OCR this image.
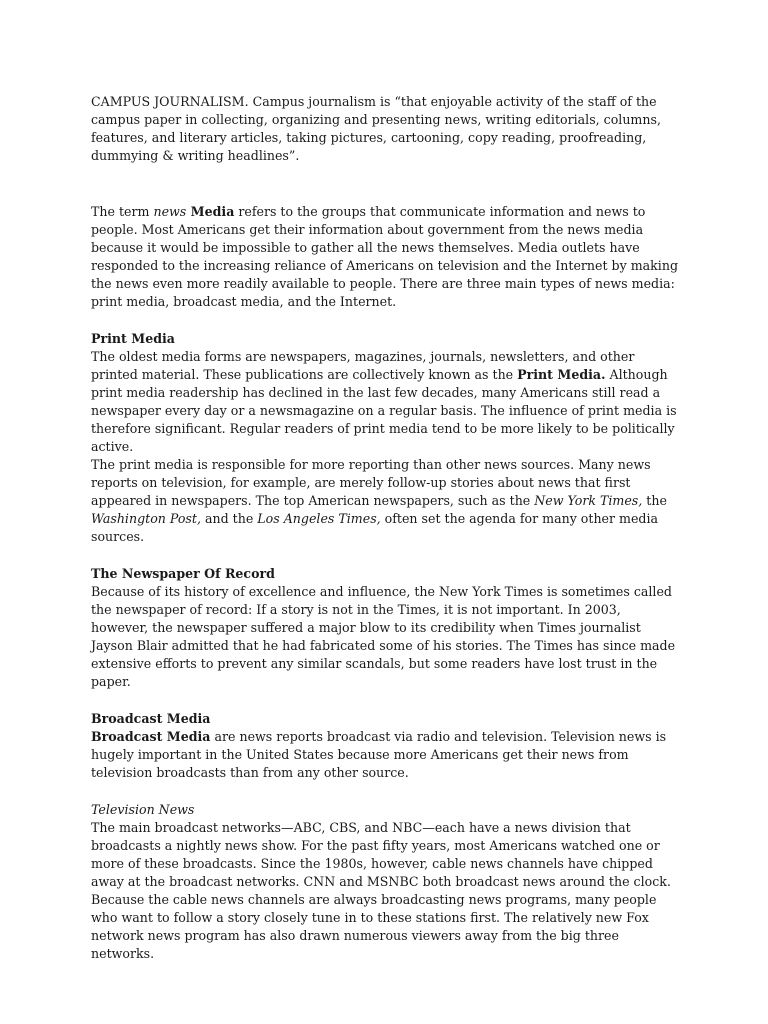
CAMPUS JOURNALISM. Campus journalism is “that enjoyable activity of the staff of the campus paper in collecting, organizing and presenting news, writing editorials, columns, features, and literary articles, taking pictures, cartooning, copy reading, proofreading, dummying & writing headlines”.

The term news Media refers to the groups that communicate information and news to people. Most Americans get their information about government from the news media because it would be impossible to gather all the news themselves. Media outlets have responded to the increasing reliance of Americans on television and the Internet by making the news even more readily available to people. There are three main types of news media: print media, broadcast media, and the Internet.

Print Media

The oldest media forms are newspapers, magazines, journals, newsletters, and other printed material. These publications are collectively known as the Print Media. Although print media readership has declined in the last few decades, many Americans still read a newspaper every day or a newsmagazine on a regular basis. The influence of print media is therefore significant. Regular readers of print media tend to be more likely to be politically active.

The print media is responsible for more reporting than other news sources. Many news reports on television, for example, are merely follow-up stories about news that first appeared in newspapers. The top American newspapers, such as the New York Times, the Washington Post, and the Los Angeles Times, often set the agenda for many other media sources.

The Newspaper Of Record

Because of its history of excellence and influence, the New York Times is sometimes called the newspaper of record: If a story is not in the Times, it is not important. In 2003, however, the newspaper suffered a major blow to its credibility when Times journalist Jayson Blair admitted that he had fabricated some of his stories. The Times has since made extensive efforts to prevent any similar scandals, but some readers have lost trust in the paper.

Broadcast Media

Broadcast Media are news reports broadcast via radio and television. Television news is hugely important in the United States because more Americans get their news from television broadcasts than from any other source.

Television News

The main broadcast networks—ABC, CBS, and NBC—each have a news division that broadcasts a nightly news show. For the past fifty years, most Americans watched one or more of these broadcasts. Since the 1980s, however, cable news channels have chipped away at the broadcast networks. CNN and MSNBC both broadcast news around the clock. Because the cable news channels are always broadcasting news programs, many people who want to follow a story closely tune in to these stations first. The relatively new Fox network news program has also drawn numerous viewers away from the big three networks.
